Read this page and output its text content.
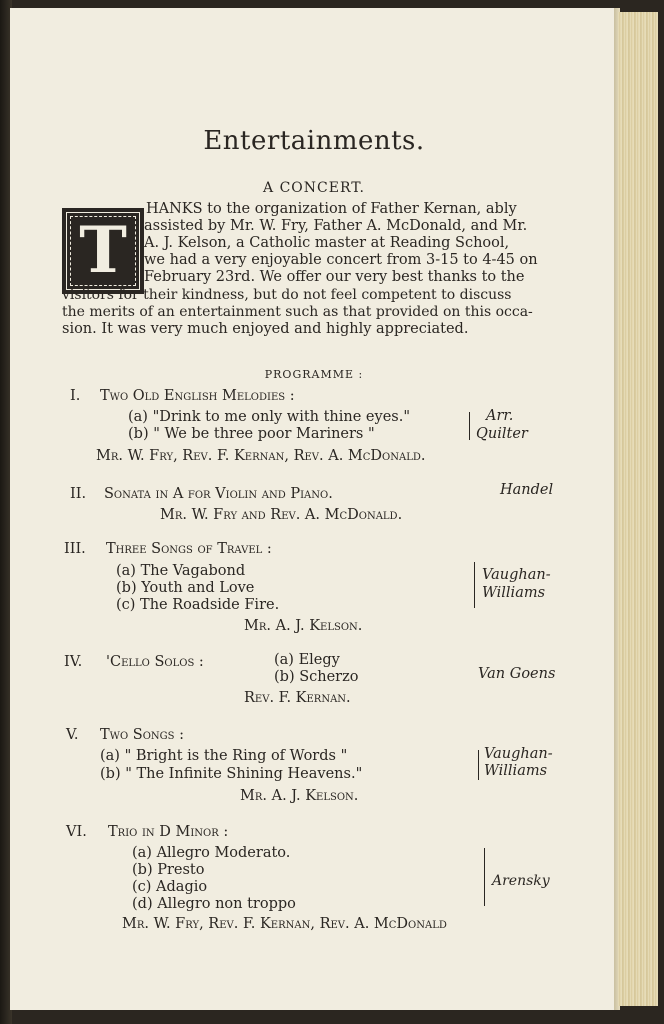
Entertainments.
A CONCERT.
T
HANKS to the organization of Father Kernan, ably
assisted by Mr. W. Fry, Father A. McDonald, and Mr.
A. J. Kelson, a Catholic master at Reading School,
we had a very enjoyable concert from 3-15 to 4-45 on
February 23rd. We offer our very best thanks to the
visitors for their kindness, but do not feel competent to discuss
the merits of an entertainment such as that provided on this occa-
sion. It was very much enjoyed and highly appreciated.
PROGRAMME :
I. Two Old English Melodies :
(a) "Drink to me only with thine eyes."
(b) " We be three poor Mariners "
Arr.
Quilter
Mr. W. Fry, Rev. F. Kernan, Rev. A. McDonald.
II. Sonata in A for Violin and Piano.	Handel
Mr. W. Fry and Rev. A. McDonald.
III. Three Songs of Travel :
(a) The Vagabond
(b) Youth and Love
(c) The Roadside Fire.
Vaughan-
Williams
Mr. A. J. Kelson.
IV. 'Cello Solos :	(a) Elegy
(b) Scherzo	Van Goens
Rev. F. Kernan.
V. Two Songs :
(a) " Bright is the Ring of Words "
(b) " The Infinite Shining Heavens."
Vaughan-
Williams
Mr. A. J. Kelson.
VI. Trio in D Minor :
(a) Allegro Moderato.
(b) Presto
(c) Adagio
(d) Allegro non troppo
Arensky
Mr. W. Fry, Rev. F. Kernan, Rev. A. McDonald
